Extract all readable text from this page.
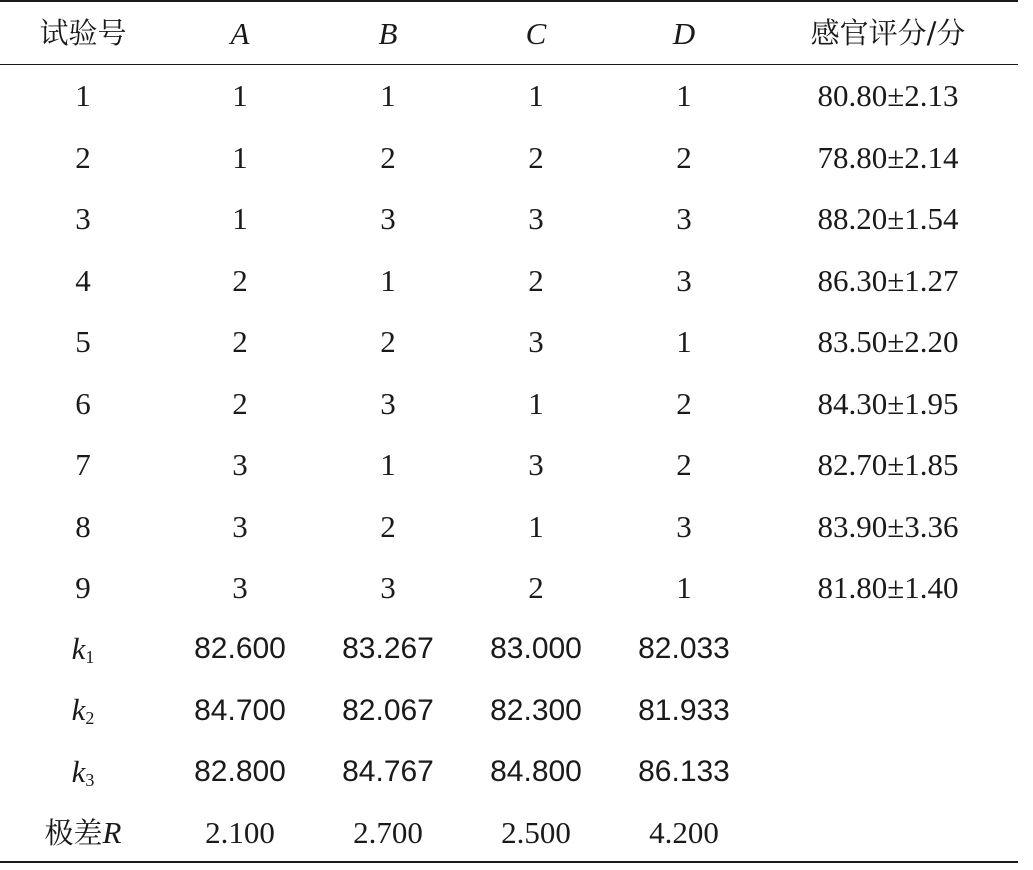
试验号	A	B	C	D	感官评分/分
1	1	1	1	1	80.80±2.13
2	1	2	2	2	78.80±2.14
3	1	3	3	3	88.20±1.54
4	2	1	2	3	86.30±1.27
5	2	2	3	1	83.50±2.20
6	2	3	1	2	84.30±1.95
7	3	1	3	2	82.70±1.85
8	3	2	1	3	83.90±3.36
9	3	3	2	1	81.80±1.40
$k_1$	82.600	83.267	83.000	82.033	
$k_2$	84.700	82.067	82.300	81.933	
$k_3$	82.800	84.767	84.800	86.133	
极差R	2.100	2.700	2.500	4.200	
